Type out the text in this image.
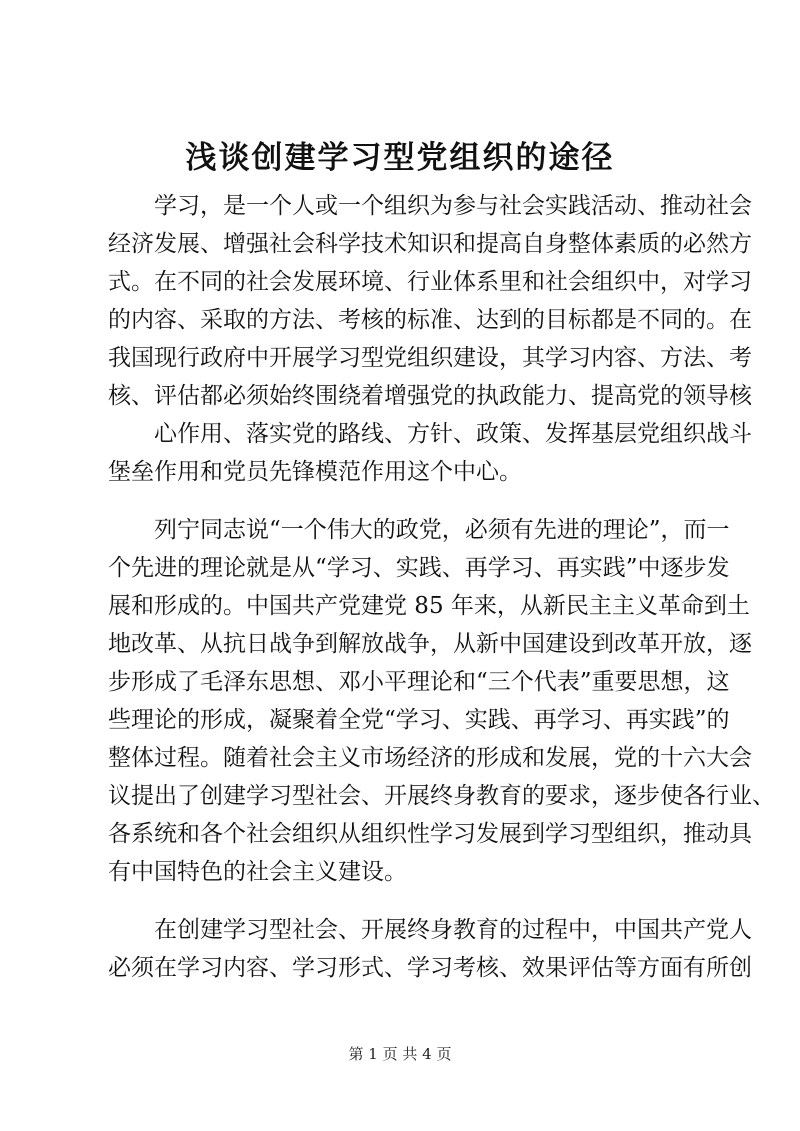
浅谈创建学习型党组织的途径
学习，是一个人或一个组织为参与社会实践活动、推动社会
经济发展、增强社会科学技术知识和提高自身整体素质的必然方
式。在不同的社会发展环境、行业体系里和社会组织中，对学习
的内容、采取的方法、考核的标准、达到的目标都是不同的。在
我国现行政府中开展学习型党组织建设，其学习内容、方法、考
核、评估都必须始终围绕着增强党的执政能力、提高党的领导核
心作用、落实党的路线、方针、政策、发挥基层党组织战斗
堡垒作用和党员先锋模范作用这个中心。
列宁同志说“一个伟大的政党，必须有先进的理论”，而一
个先进的理论就是从“学习、实践、再学习、再实践”中逐步发
展和形成的。中国共产党建党 85 年来，从新民主主义革命到土
地改革、从抗日战争到解放战争，从新中国建设到改革开放，逐
步形成了毛泽东思想、邓小平理论和“三个代表”重要思想，这
些理论的形成，凝聚着全党“学习、实践、再学习、再实践”的
整体过程。随着社会主义市场经济的形成和发展，党的十六大会
议提出了创建学习型社会、开展终身教育的要求，逐步使各行业、
各系统和各个社会组织从组织性学习发展到学习型组织，推动具
有中国特色的社会主义建设。
在创建学习型社会、开展终身教育的过程中，中国共产党人
必须在学习内容、学习形式、学习考核、效果评估等方面有所创
第 1 页 共 4 页
